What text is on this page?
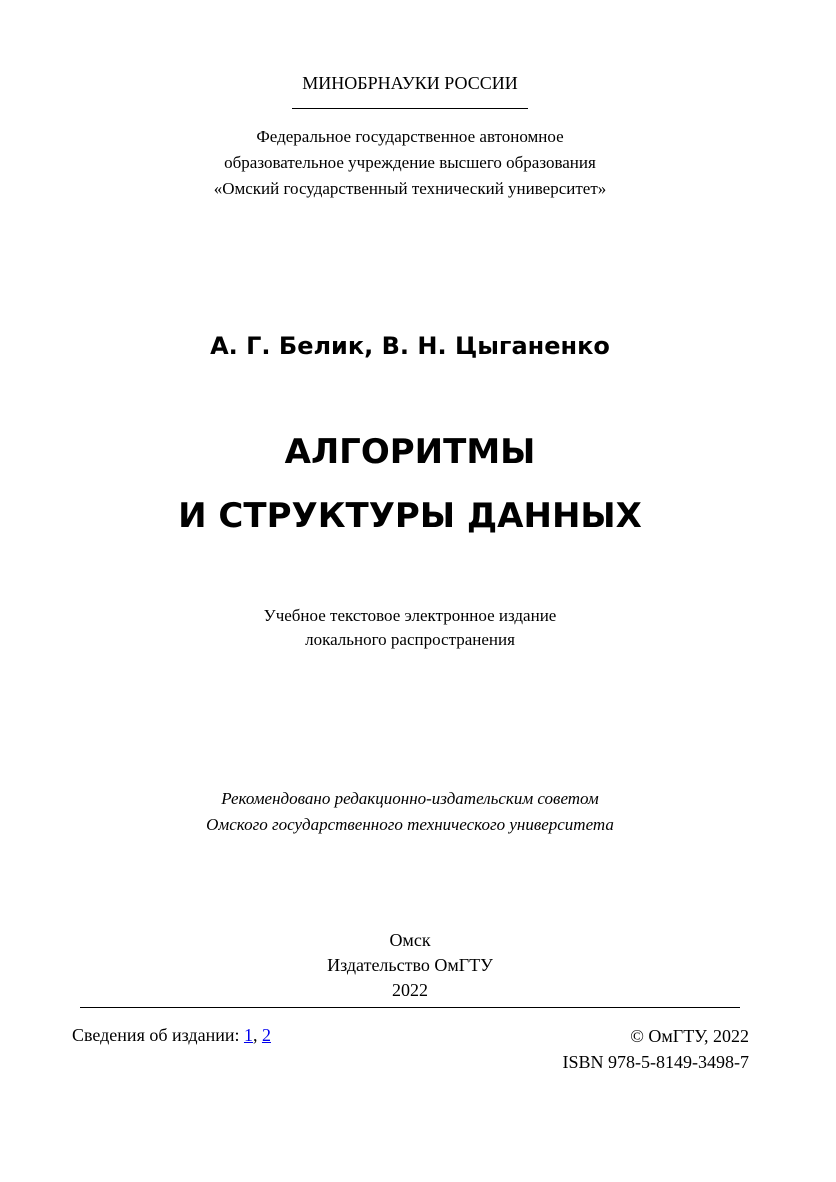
МИНОБРНАУКИ РОССИИ
Федеральное государственное автономное
образовательное учреждение высшего образования
«Омский государственный технический университет»
А. Г. Белик, В. Н. Цыганенко
АЛГОРИТМЫ
И СТРУКТУРЫ ДАННЫХ
Учебное текстовое электронное издание
локального распространения
Рекомендовано редакционно-издательским советом
Омского государственного технического университета
Омск
Издательство ОмГТУ
2022
Сведения об издании: 1, 2	© ОмГТУ, 2022
ISBN 978-5-8149-3498-7
